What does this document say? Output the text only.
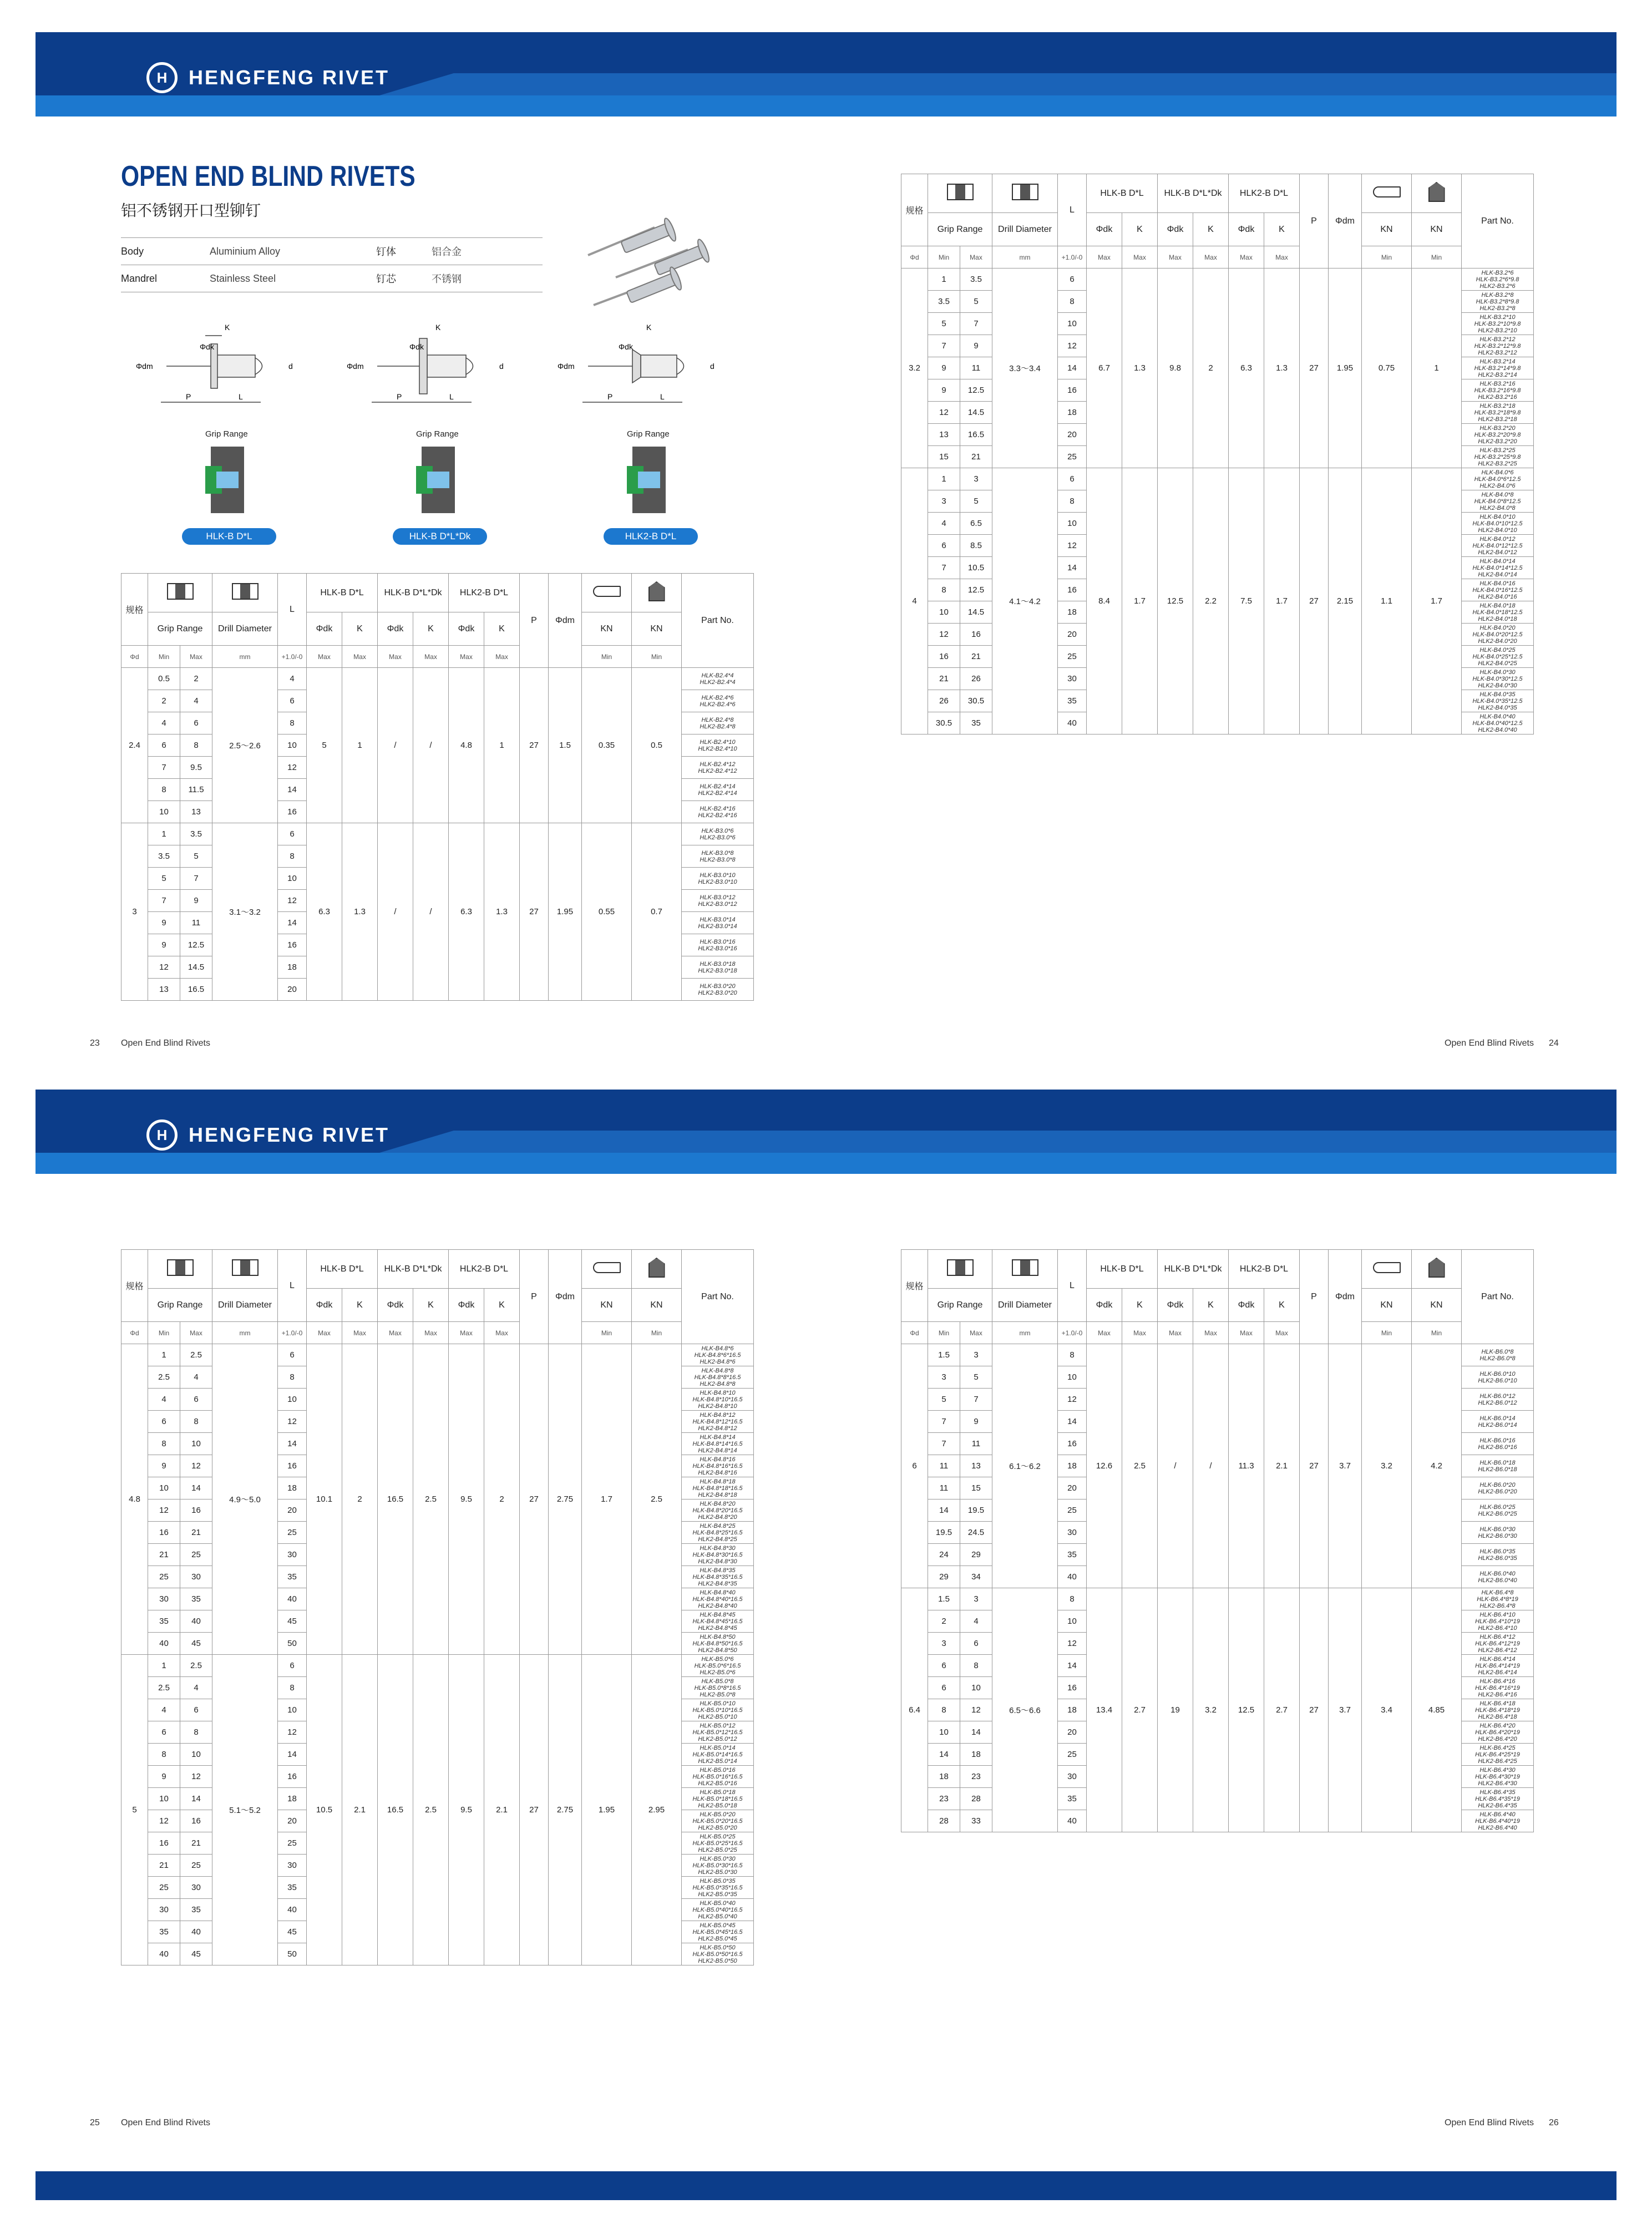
H	HENGFENG RIVET
H	HENGFENG RIVET
OPEN END BLIND RIVETS
铝不锈钢开口型铆钉
Body	Aluminium Alloy	钉体	铝合金
Mandrel	Stainless Steel	钉芯	不锈钢
Φdm
Φdk
K
d
P	L
Φdm
Φdk
K
d
P	L
Φdm
Φdk
K
d
P	L
Grip Range	Grip Range	Grip Range
HLK-B D*L	HLK-B D*L*Dk	HLK2-B D*L
规格				L	HLK-B D*L		HLK-B D*L*Dk		HLK2-B D*L		P	Φdm			Part No.
	Grip Range		Drill Diameter		Φdk	K	Φdk	K	Φdk	K			KN	KN	
Φd	Min	Max	mm	+1.0/-0	Max	Max	Max	Max	Max	Max			Min	Min	
2.4	0.5	2	2.5～2.6	4	5	1	/	/	4.8	1	27	1.5	0.35	0.5	HLK-B2.4*4
HLK2-B2.4*4

	2	4		6											HLK-B2.4*6
HLK2-B2.4*6

	4	6		8											HLK-B2.4*8
HLK2-B2.4*8

	6	8		10											HLK-B2.4*10
HLK2-B2.4*10

	7	9.5		12											HLK-B2.4*12
HLK2-B2.4*12

	8	11.5		14											HLK-B2.4*14
HLK2-B2.4*14

	10	13		16											HLK-B2.4*16
HLK2-B2.4*16

3	1	3.5	3.1～3.2	6	6.3	1.3	/	/	6.3	1.3	27	1.95	0.55	0.7	HLK-B3.0*6
HLK2-B3.0*6

	3.5	5		8											HLK-B3.0*8
HLK2-B3.0*8

	5	7		10											HLK-B3.0*10
HLK2-B3.0*10

	7	9		12											HLK-B3.0*12
HLK2-B3.0*12

	9	11		14											HLK-B3.0*14
HLK2-B3.0*14

	9	12.5		16											HLK-B3.0*16
HLK2-B3.0*16

	12	14.5		18											HLK-B3.0*18
HLK2-B3.0*18

	13	16.5		20											HLK-B3.0*20
HLK2-B3.0*20
规格				L	HLK-B D*L		HLK-B D*L*Dk		HLK2-B D*L		P	Φdm			Part No.
	Grip Range		Drill Diameter		Φdk	K	Φdk	K	Φdk	K			KN	KN	
Φd	Min	Max	mm	+1.0/-0	Max	Max	Max	Max	Max	Max			Min	Min	
3.2	1	3.5	3.3～3.4	6	6.7	1.3	9.8	2	6.3	1.3	27	1.95	0.75	1	HLK-B3.2*6
HLK-B3.2*6*9.8
HLK2-B3.2*6

	3.5	5		8											HLK-B3.2*8
HLK-B3.2*8*9.8
HLK2-B3.2*8

	5	7		10											HLK-B3.2*10
HLK-B3.2*10*9.8
HLK2-B3.2*10

	7	9		12											HLK-B3.2*12
HLK-B3.2*12*9.8
HLK2-B3.2*12

	9	11		14											HLK-B3.2*14
HLK-B3.2*14*9.8
HLK2-B3.2*14

	9	12.5		16											HLK-B3.2*16
HLK-B3.2*16*9.8
HLK2-B3.2*16

	12	14.5		18											HLK-B3.2*18
HLK-B3.2*18*9.8
HLK2-B3.2*18

	13	16.5		20											HLK-B3.2*20
HLK-B3.2*20*9.8
HLK2-B3.2*20

	15	21		25											HLK-B3.2*25
HLK-B3.2*25*9.8
HLK2-B3.2*25

4	1	3	4.1～4.2	6	8.4	1.7	12.5	2.2	7.5	1.7	27	2.15	1.1	1.7	HLK-B4.0*6
HLK-B4.0*6*12.5
HLK2-B4.0*6

	3	5		8											HLK-B4.0*8
HLK-B4.0*8*12.5
HLK2-B4.0*8

	4	6.5		10											HLK-B4.0*10
HLK-B4.0*10*12.5
HLK2-B4.0*10

	6	8.5		12											HLK-B4.0*12
HLK-B4.0*12*12.5
HLK2-B4.0*12

	7	10.5		14											HLK-B4.0*14
HLK-B4.0*14*12.5
HLK2-B4.0*14

	8	12.5		16											HLK-B4.0*16
HLK-B4.0*16*12.5
HLK2-B4.0*16

	10	14.5		18											HLK-B4.0*18
HLK-B4.0*18*12.5
HLK2-B4.0*18

	12	16		20											HLK-B4.0*20
HLK-B4.0*20*12.5
HLK2-B4.0*20

	16	21		25											HLK-B4.0*25
HLK-B4.0*25*12.5
HLK2-B4.0*25

	21	26		30											HLK-B4.0*30
HLK-B4.0*30*12.5
HLK2-B4.0*30

	26	30.5		35											HLK-B4.0*35
HLK-B4.0*35*12.5
HLK2-B4.0*35

	30.5	35		40											HLK-B4.0*40
HLK-B4.0*40*12.5
HLK2-B4.0*40
规格				L	HLK-B D*L		HLK-B D*L*Dk		HLK2-B D*L		P	Φdm			Part No.
	Grip Range		Drill Diameter		Φdk	K	Φdk	K	Φdk	K			KN	KN	
Φd	Min	Max	mm	+1.0/-0	Max	Max	Max	Max	Max	Max			Min	Min	
4.8	1	2.5	4.9～5.0	6	10.1	2	16.5	2.5	9.5	2	27	2.75	1.7	2.5	HLK-B4.8*6
HLK-B4.8*6*16.5
HLK2-B4.8*6

	2.5	4		8											HLK-B4.8*8
HLK-B4.8*8*16.5
HLK2-B4.8*8

	4	6		10											HLK-B4.8*10
HLK-B4.8*10*16.5
HLK2-B4.8*10

	6	8		12											HLK-B4.8*12
HLK-B4.8*12*16.5
HLK2-B4.8*12

	8	10		14											HLK-B4.8*14
HLK-B4.8*14*16.5
HLK2-B4.8*14

	9	12		16											HLK-B4.8*16
HLK-B4.8*16*16.5
HLK2-B4.8*16

	10	14		18											HLK-B4.8*18
HLK-B4.8*18*16.5
HLK2-B4.8*18

	12	16		20											HLK-B4.8*20
HLK-B4.8*20*16.5
HLK2-B4.8*20

	16	21		25											HLK-B4.8*25
HLK-B4.8*25*16.5
HLK2-B4.8*25

	21	25		30											HLK-B4.8*30
HLK-B4.8*30*16.5
HLK2-B4.8*30

	25	30		35											HLK-B4.8*35
HLK-B4.8*35*16.5
HLK2-B4.8*35

	30	35		40											HLK-B4.8*40
HLK-B4.8*40*16.5
HLK2-B4.8*40

	35	40		45											HLK-B4.8*45
HLK-B4.8*45*16.5
HLK2-B4.8*45

	40	45		50											HLK-B4.8*50
HLK-B4.8*50*16.5
HLK2-B4.8*50

5	1	2.5	5.1～5.2	6	10.5	2.1	16.5	2.5	9.5	2.1	27	2.75	1.95	2.95	HLK-B5.0*6
HLK-B5.0*6*16.5
HLK2-B5.0*6

	2.5	4		8											HLK-B5.0*8
HLK-B5.0*8*16.5
HLK2-B5.0*8

	4	6		10											HLK-B5.0*10
HLK-B5.0*10*16.5
HLK2-B5.0*10

	6	8		12											HLK-B5.0*12
HLK-B5.0*12*16.5
HLK2-B5.0*12

	8	10		14											HLK-B5.0*14
HLK-B5.0*14*16.5
HLK2-B5.0*14

	9	12		16											HLK-B5.0*16
HLK-B5.0*16*16.5
HLK2-B5.0*16

	10	14		18											HLK-B5.0*18
HLK-B5.0*18*16.5
HLK2-B5.0*18

	12	16		20											HLK-B5.0*20
HLK-B5.0*20*16.5
HLK2-B5.0*20

	16	21		25											HLK-B5.0*25
HLK-B5.0*25*16.5
HLK2-B5.0*25

	21	25		30											HLK-B5.0*30
HLK-B5.0*30*16.5
HLK2-B5.0*30

	25	30		35											HLK-B5.0*35
HLK-B5.0*35*16.5
HLK2-B5.0*35

	30	35		40											HLK-B5.0*40
HLK-B5.0*40*16.5
HLK2-B5.0*40

	35	40		45											HLK-B5.0*45
HLK-B5.0*45*16.5
HLK2-B5.0*45

	40	45		50											HLK-B5.0*50
HLK-B5.0*50*16.5
HLK2-B5.0*50
规格				L	HLK-B D*L		HLK-B D*L*Dk		HLK2-B D*L		P	Φdm			Part No.
	Grip Range		Drill Diameter		Φdk	K	Φdk	K	Φdk	K			KN	KN	
Φd	Min	Max	mm	+1.0/-0	Max	Max	Max	Max	Max	Max			Min	Min	
6	1.5	3	6.1～6.2	8	12.6	2.5	/	/	11.3	2.1	27	3.7	3.2	4.2	HLK-B6.0*8
HLK2-B6.0*8

	3	5		10											HLK-B6.0*10
HLK2-B6.0*10

	5	7		12											HLK-B6.0*12
HLK2-B6.0*12

	7	9		14											HLK-B6.0*14
HLK2-B6.0*14

	7	11		16											HLK-B6.0*16
HLK2-B6.0*16

	11	13		18											HLK-B6.0*18
HLK2-B6.0*18

	11	15		20											HLK-B6.0*20
HLK2-B6.0*20

	14	19.5		25											HLK-B6.0*25
HLK2-B6.0*25

	19.5	24.5		30											HLK-B6.0*30
HLK2-B6.0*30

	24	29		35											HLK-B6.0*35
HLK2-B6.0*35

	29	34		40											HLK-B6.0*40
HLK2-B6.0*40

6.4	1.5	3	6.5～6.6	8	13.4	2.7	19	3.2	12.5	2.7	27	3.7	3.4	4.85	HLK-B6.4*8
HLK-B6.4*8*19
HLK2-B6.4*8

	2	4		10											HLK-B6.4*10
HLK-B6.4*10*19
HLK2-B6.4*10

	3	6		12											HLK-B6.4*12
HLK-B6.4*12*19
HLK2-B6.4*12

	6	8		14											HLK-B6.4*14
HLK-B6.4*14*19
HLK2-B6.4*14

	6	10		16											HLK-B6.4*16
HLK-B6.4*16*19
HLK2-B6.4*16

	8	12		18											HLK-B6.4*18
HLK-B6.4*18*19
HLK2-B6.4*18

	10	14		20											HLK-B6.4*20
HLK-B6.4*20*19
HLK2-B6.4*20

	14	18		25											HLK-B6.4*25
HLK-B6.4*25*19
HLK2-B6.4*25

	18	23		30											HLK-B6.4*30
HLK-B6.4*30*19
HLK2-B6.4*30

	23	28		35											HLK-B6.4*35
HLK-B6.4*35*19
HLK2-B6.4*35

	28	33		40											HLK-B6.4*40
HLK-B6.4*40*19
HLK2-B6.4*40
23 Open End Blind Rivets	Open End Blind Rivets 24
25 Open End Blind Rivets	Open End Blind Rivets 26
